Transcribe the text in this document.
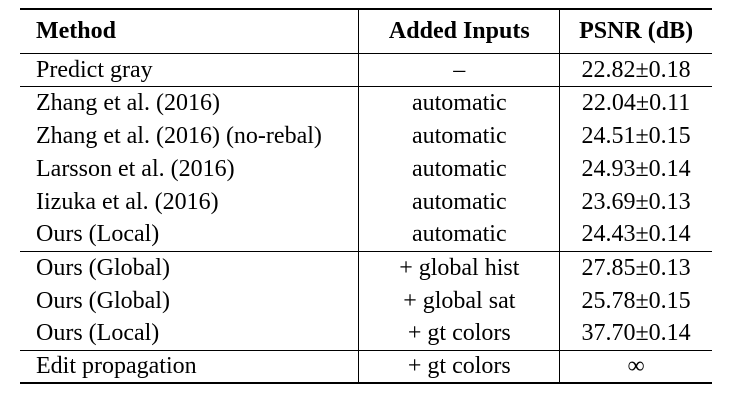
Method	Added Inputs	PSNR (dB)
Predict gray	–	22.82±0.18
Zhang et al. (2016)	automatic	22.04±0.11
Zhang et al. (2016) (no-rebal)	automatic	24.51±0.15
Larsson et al. (2016)	automatic	24.93±0.14
Iizuka et al. (2016)	automatic	23.69±0.13
Ours (Local)	automatic	24.43±0.14
Ours (Global)	+ global hist	27.85±0.13
Ours (Global)	+ global sat	25.78±0.15
Ours (Local)	+ gt colors	37.70±0.14
Edit propagation	+ gt colors	∞
